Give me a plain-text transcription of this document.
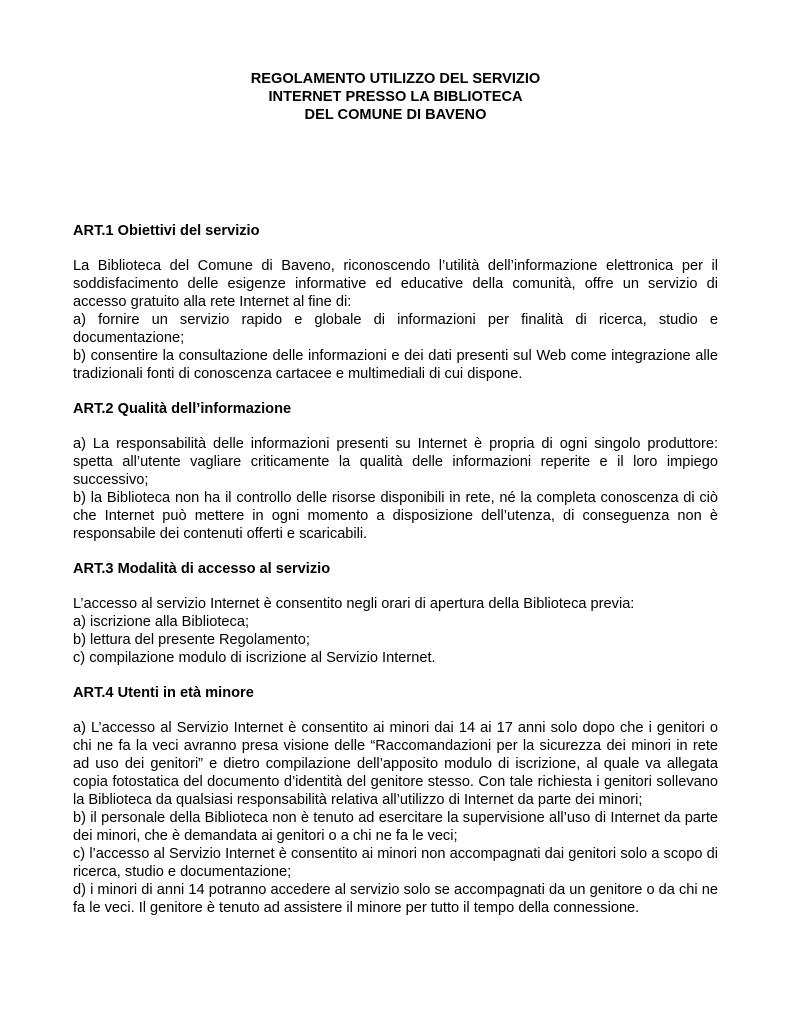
REGOLAMENTO UTILIZZO DEL SERVIZIO
INTERNET PRESSO LA BIBLIOTECA
DEL COMUNE DI BAVENO
ART.1 Obiettivi del servizio

La Biblioteca del Comune di Baveno, riconoscendo l’utilità dell’informazione elettronica per il soddisfacimento delle esigenze informative ed educative della comunità, offre un servizio di accesso gratuito alla rete Internet al fine di:

a) fornire un servizio rapido e globale di informazioni per finalità di ricerca, studio e documentazione;

b) consentire la consultazione delle informazioni e dei dati presenti sul Web come integrazione alle tradizionali fonti di conoscenza cartacee e multimediali di cui dispone.

ART.2 Qualità dell’informazione

a) La responsabilità delle informazioni presenti su Internet è propria di ogni singolo produttore: spetta all’utente vagliare criticamente la qualità delle informazioni reperite e il loro impiego successivo;

b) la Biblioteca non ha il controllo delle risorse disponibili in rete, né la completa conoscenza di ciò che Internet può mettere in ogni momento a disposizione dell’utenza, di conseguenza non è responsabile dei contenuti offerti e scaricabili.

ART.3 Modalità di accesso al servizio

L’accesso al servizio Internet è consentito negli orari di apertura della Biblioteca previa:

a) iscrizione alla Biblioteca;

b) lettura del presente Regolamento;

c) compilazione modulo di iscrizione al Servizio Internet.

ART.4 Utenti in età minore

a) L’accesso al Servizio Internet è consentito ai minori dai 14 ai 17 anni solo dopo che i genitori o chi ne fa la veci avranno presa visione delle “Raccomandazioni per la sicurezza dei minori in rete ad uso dei genitori” e dietro compilazione dell’apposito modulo di iscrizione, al quale va allegata copia fotostatica del documento d’identità del genitore stesso. Con tale richiesta i genitori sollevano la Biblioteca da qualsiasi responsabilità relativa all’utilizzo di Internet da parte dei minori;

b) il personale della Biblioteca non è tenuto ad esercitare la supervisione all’uso di Internet da parte dei minori, che è demandata ai genitori o a chi ne fa le veci;

c) l’accesso al Servizio Internet è consentito ai minori non accompagnati dai genitori solo a scopo di ricerca, studio e documentazione;

d) i minori di anni 14 potranno accedere al servizio solo se accompagnati da un genitore o da chi ne fa le veci. Il genitore è tenuto ad assistere il minore per tutto il tempo della connessione.
